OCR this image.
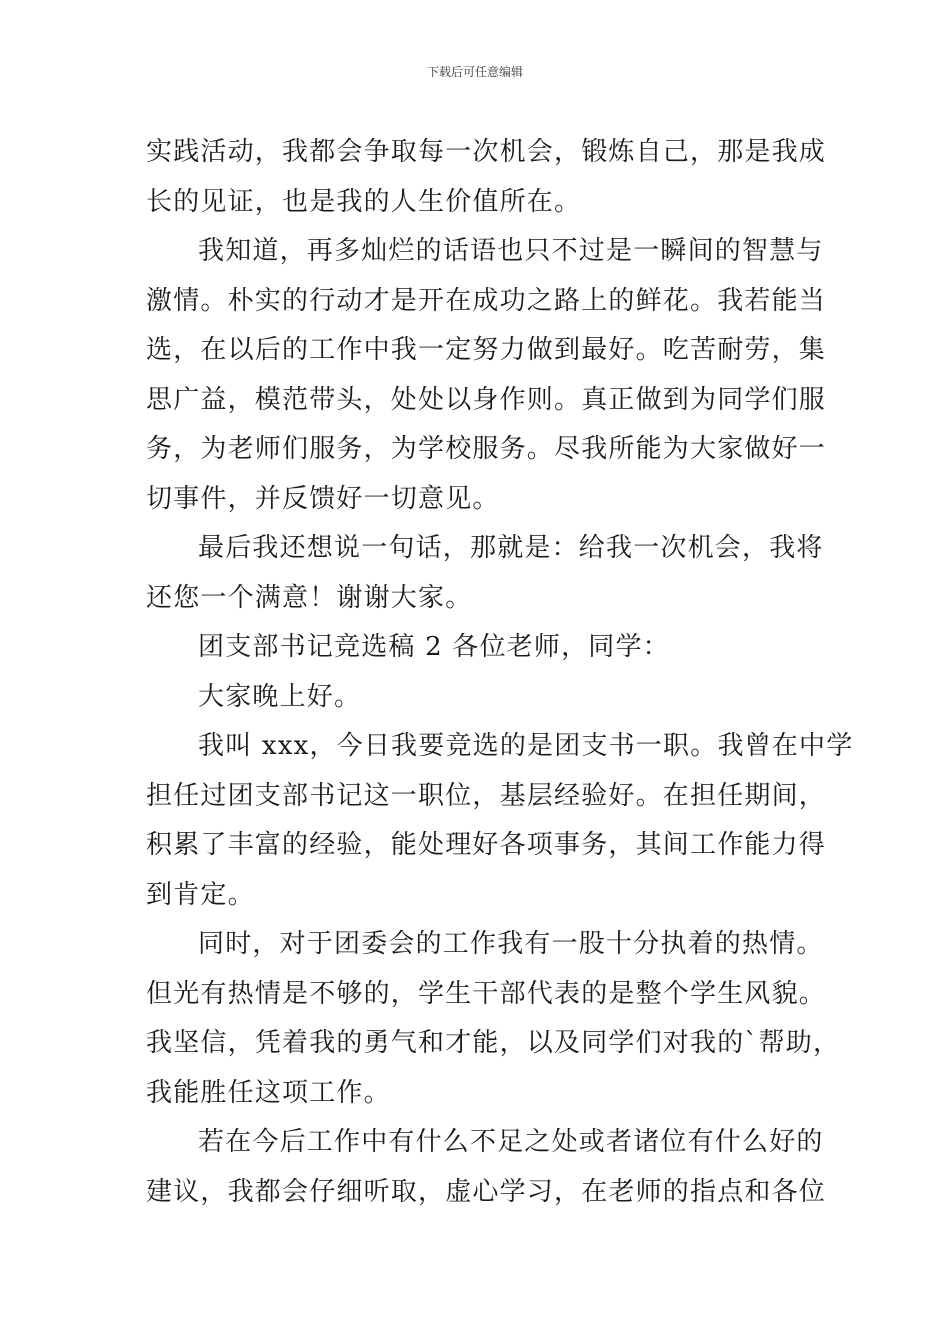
下载后可任意编辑
实践活动，我都会争取每一次机会，锻炼自己，那是我成
长的见证，也是我的人生价值所在。
我知道，再多灿烂的话语也只不过是一瞬间的智慧与
激情。朴实的行动才是开在成功之路上的鲜花。我若能当
选，在以后的工作中我一定努力做到最好。吃苦耐劳，集
思广益，模范带头，处处以身作则。真正做到为同学们服
务，为老师们服务，为学校服务。尽我所能为大家做好一
切事件，并反馈好一切意见。
最后我还想说一句话，那就是：给我一次机会，我将
还您一个满意！谢谢大家。
团支部书记竞选稿 2 各位老师，同学：
大家晚上好。
我叫 xxx，今日我要竞选的是团支书一职。我曾在中学
担任过团支部书记这一职位，基层经验好。在担任期间，
积累了丰富的经验，能处理好各项事务，其间工作能力得
到肯定。
同时，对于团委会的工作我有一股十分执着的热情。
但光有热情是不够的，学生干部代表的是整个学生风貌。
我坚信，凭着我的勇气和才能，以及同学们对我的`帮助，
我能胜任这项工作。
若在今后工作中有什么不足之处或者诸位有什么好的
建议，我都会仔细听取，虚心学习，在老师的指点和各位
